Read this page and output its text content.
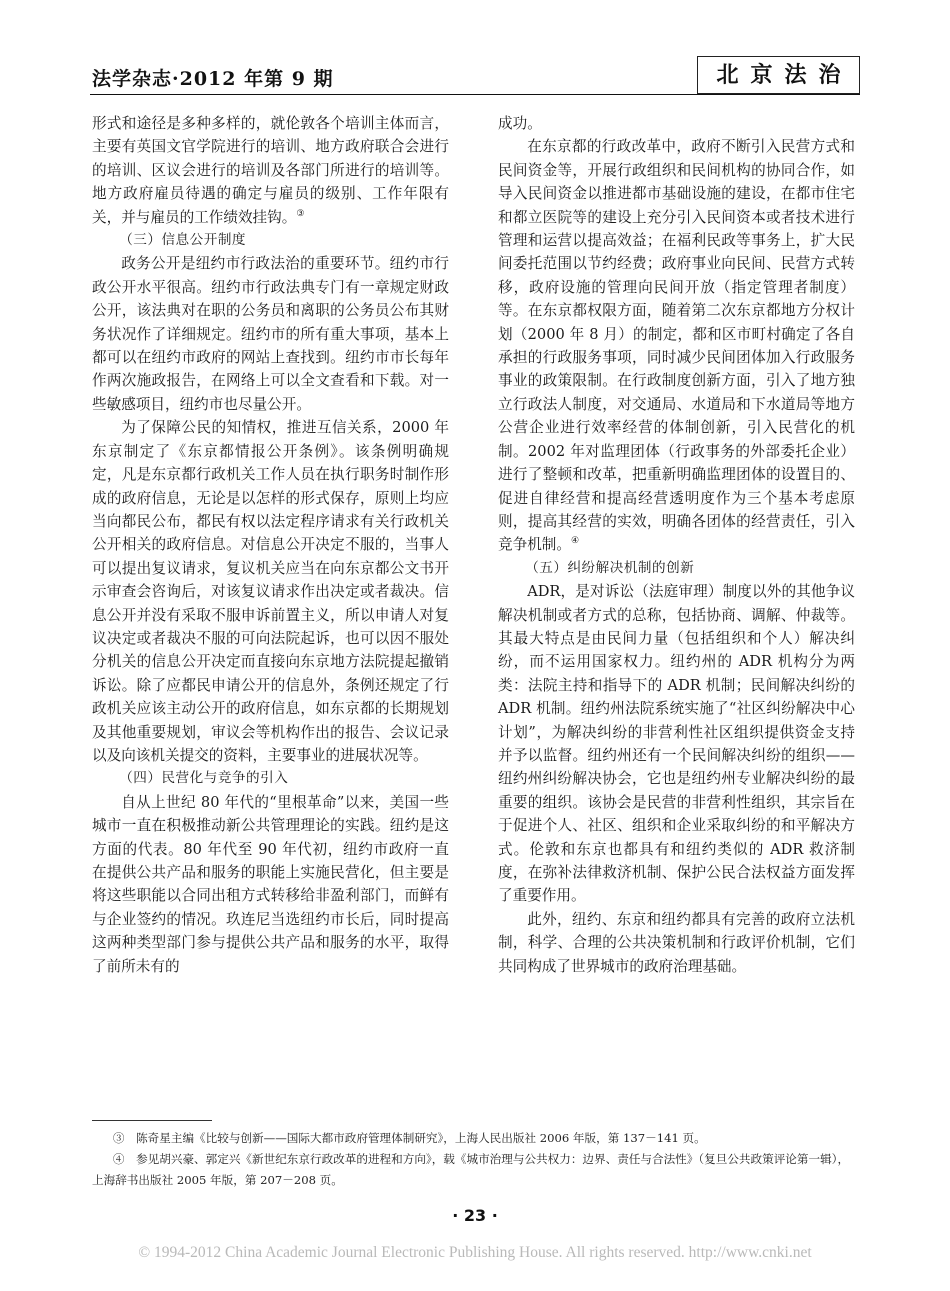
法学杂志·2012 年第 9 期	北京法治

形式和途径是多种多样的，就伦敦各个培训主体而言，主要有英国文官学院进行的培训、地方政府联合会进行的培训、区议会进行的培训及各部门所进行的培训等。地方政府雇员待遇的确定与雇员的级别、工作年限有关，并与雇员的工作绩效挂钩。③

（三）信息公开制度

政务公开是纽约市行政法治的重要环节。纽约市行政公开水平很高。纽约市行政法典专门有一章规定财政公开，该法典对在职的公务员和离职的公务员公布其财务状况作了详细规定。纽约市的所有重大事项，基本上都可以在纽约市政府的网站上查找到。纽约市市长每年作两次施政报告，在网络上可以全文查看和下载。对一些敏感项目，纽约市也尽量公开。

为了保障公民的知情权，推进互信关系，2000 年东京制定了《东京都情报公开条例》。该条例明确规定，凡是东京都行政机关工作人员在执行职务时制作形成的政府信息，无论是以怎样的形式保存，原则上均应当向都民公布，都民有权以法定程序请求有关行政机关公开相关的政府信息。对信息公开决定不服的，当事人可以提出复议请求，复议机关应当在向东京都公文书开示审查会咨询后，对该复议请求作出决定或者裁决。信息公开并没有采取不服申诉前置主义，所以申请人对复议决定或者裁决不服的可向法院起诉，也可以因不服处分机关的信息公开决定而直接向东京地方法院提起撤销诉讼。除了应都民申请公开的信息外，条例还规定了行政机关应该主动公开的政府信息，如东京都的长期规划及其他重要规划，审议会等机构作出的报告、会议记录以及向该机关提交的资料，主要事业的进展状况等。

（四）民营化与竞争的引入

自从上世纪 80 年代的“里根革命”以来，美国一些城市一直在积极推动新公共管理理论的实践。纽约是这方面的代表。80 年代至 90 年代初，纽约市政府一直在提供公共产品和服务的职能上实施民营化，但主要是将这些职能以合同出租方式转移给非盈利部门，而鲜有与企业签约的情况。玖连尼当选纽约市长后，同时提高这两种类型部门参与提供公共产品和服务的水平，取得了前所未有的

成功。

在东京都的行政改革中，政府不断引入民营方式和民间资金等，开展行政组织和民间机构的协同合作，如导入民间资金以推进都市基础设施的建设，在都市住宅和都立医院等的建设上充分引入民间资本或者技术进行管理和运营以提高效益；在福利民政等事务上，扩大民间委托范围以节约经费；政府事业向民间、民营方式转移，政府设施的管理向民间开放（指定管理者制度）等。在东京都权限方面，随着第二次东京都地方分权计划（2000 年 8 月）的制定，都和区市町村确定了各自承担的行政服务事项，同时减少民间团体加入行政服务事业的政策限制。在行政制度创新方面，引入了地方独立行政法人制度，对交通局、水道局和下水道局等地方公营企业进行效率经营的体制创新，引入民营化的机制。2002 年对监理团体（行政事务的外部委托企业）进行了整顿和改革，把重新明确监理团体的设置目的、促进自律经营和提高经营透明度作为三个基本考虑原则，提高其经营的实效，明确各团体的经营责任，引入竞争机制。④

（五）纠纷解决机制的创新

ADR，是对诉讼（法庭审理）制度以外的其他争议解决机制或者方式的总称，包括协商、调解、仲裁等。其最大特点是由民间力量（包括组织和个人）解决纠纷，而不运用国家权力。纽约州的 ADR 机构分为两类：法院主持和指导下的 ADR 机制；民间解决纠纷的 ADR 机制。纽约州法院系统实施了“社区纠纷解决中心计划”，为解决纠纷的非营利性社区组织提供资金支持并予以监督。纽约州还有一个民间解决纠纷的组织——纽约州纠纷解决协会，它也是纽约州专业解决纠纷的最重要的组织。该协会是民营的非营利性组织，其宗旨在于促进个人、社区、组织和企业采取纠纷的和平解决方式。伦敦和东京也都具有和纽约类似的 ADR 救济制度，在弥补法律救济机制、保护公民合法权益方面发挥了重要作用。

此外，纽约、东京和纽约都具有完善的政府立法机制，科学、合理的公共决策机制和行政评价机制，它们共同构成了世界城市的政府治理基础。

③　陈奇星主编《比较与创新——国际大都市政府管理体制研究》，上海人民出版社 2006 年版，第 137－141 页。

④　参见胡兴豪、郭定兴《新世纪东京行政改革的进程和方向》，载《城市治理与公共权力：边界、责任与合法性》（复旦公共政策评论第一辑），上海辞书出版社 2005 年版，第 207－208 页。

· 23 ·
© 1994-2012 China Academic Journal Electronic Publishing House. All rights reserved. http://www.cnki.net
